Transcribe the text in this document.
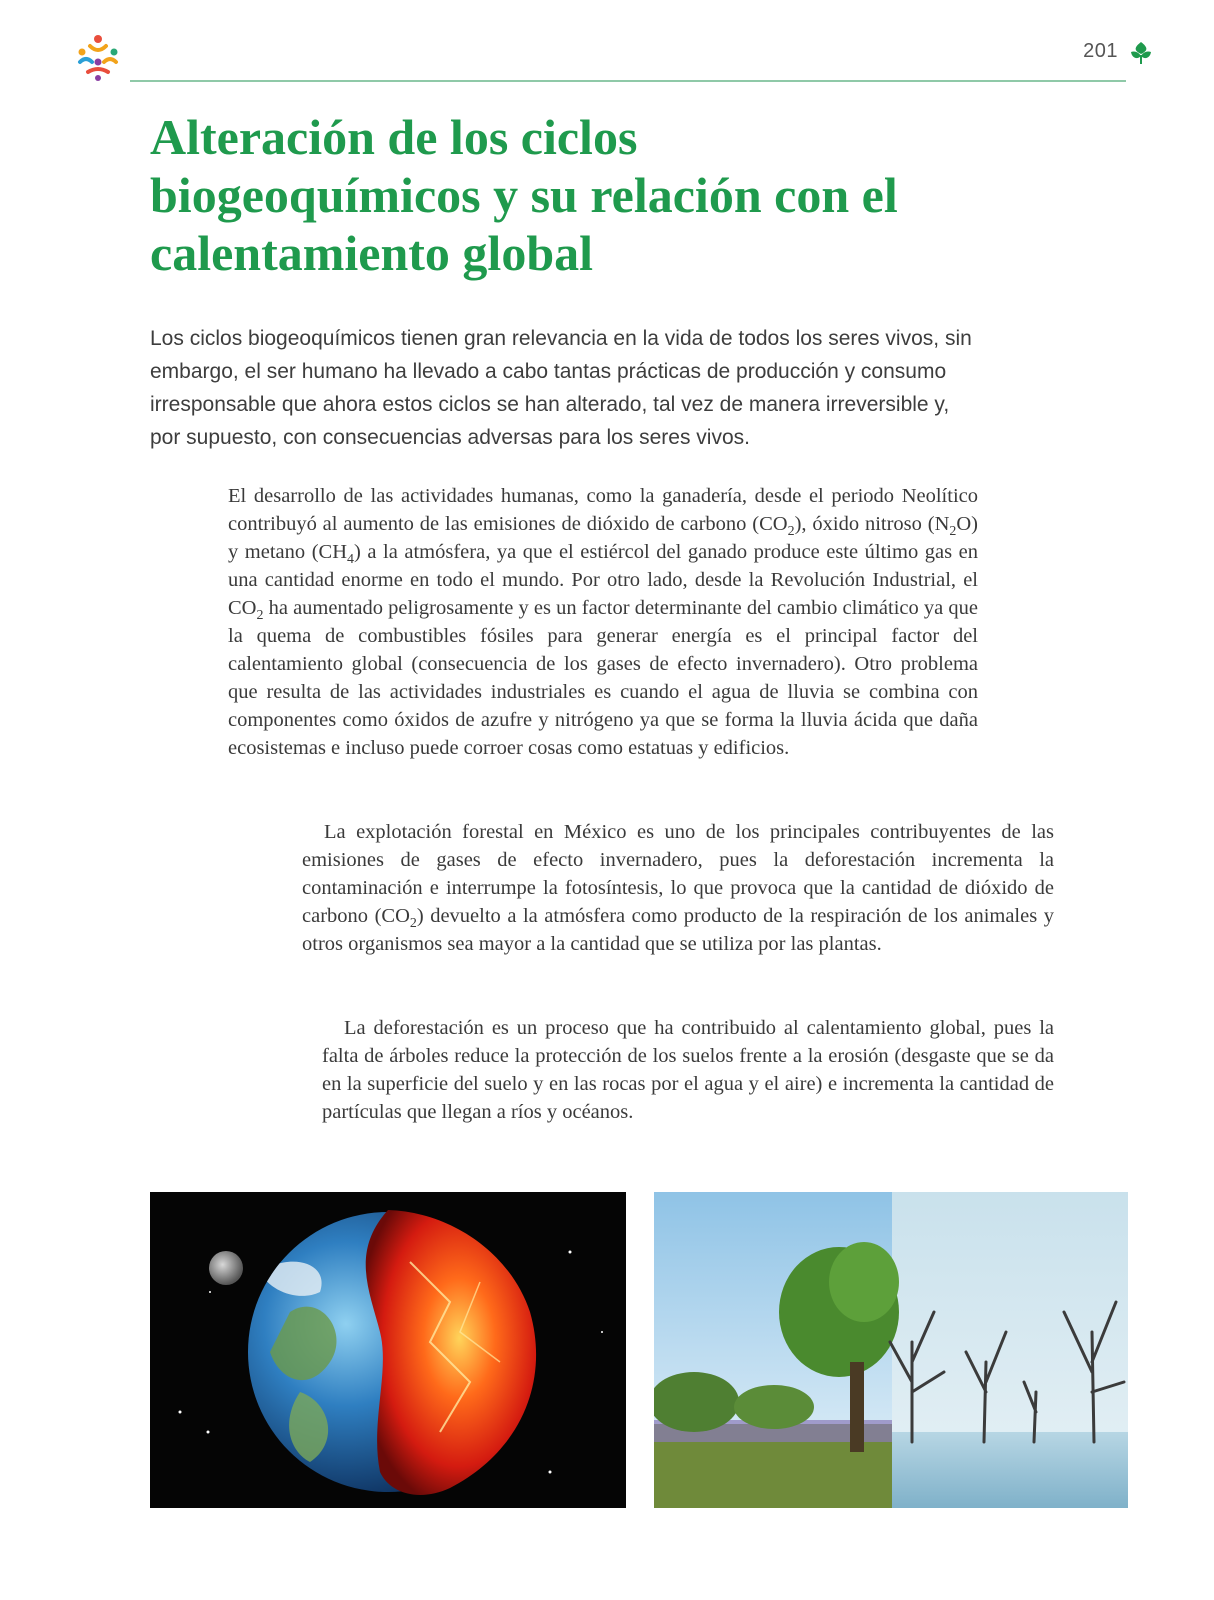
201
Alteración de los ciclos biogeoquímicos y su relación con el calentamiento global

Los ciclos biogeoquímicos tienen gran relevancia en la vida de todos los seres vivos, sin embargo, el ser humano ha llevado a cabo tantas prácticas de producción y consumo irresponsable que ahora estos ciclos se han alterado, tal vez de manera irreversible y, por supuesto, con consecuencias adversas para los seres vivos.

El desarrollo de las actividades humanas, como la ganadería, desde el periodo Neolítico contribuyó al aumento de las emisiones de dióxido de carbono $(CO_2)$, óxido nitroso $(N_2O)$ y metano $(CH_4)$ a la atmósfera, ya que el estiércol del ganado produce este último gas en una cantidad enorme en todo el mundo. Por otro lado, desde la Revolución Industrial, el $CO_2$ ha aumentado peligrosamente y es un factor determinante del cambio climático ya que la quema de combustibles fósiles para generar energía es el principal factor del calentamiento global (consecuencia de los gases de efecto invernadero). Otro problema que resulta de las actividades industriales es cuando el agua de lluvia se combina con componentes como óxidos de azufre y nitrógeno ya que se forma la lluvia ácida que daña ecosistemas e incluso puede corroer cosas como estatuas y edificios.

La explotación forestal en México es uno de los principales contribuyentes de las emisiones de gases de efecto invernadero, pues la deforestación incrementa la contaminación e interrumpe la fotosíntesis, lo que provoca que la cantidad de dióxido de carbono $(CO_2)$ devuelto a la atmósfera como producto de la respiración de los animales y otros organismos sea mayor a la cantidad que se utiliza por las plantas.

La deforestación es un proceso que ha contribuido al calentamiento global, pues la falta de árboles reduce la protección de los suelos frente a la erosión (desgaste que se da en la superficie del suelo y en las rocas por el agua y el aire) e incrementa la cantidad de partículas que llegan a ríos y océanos.
